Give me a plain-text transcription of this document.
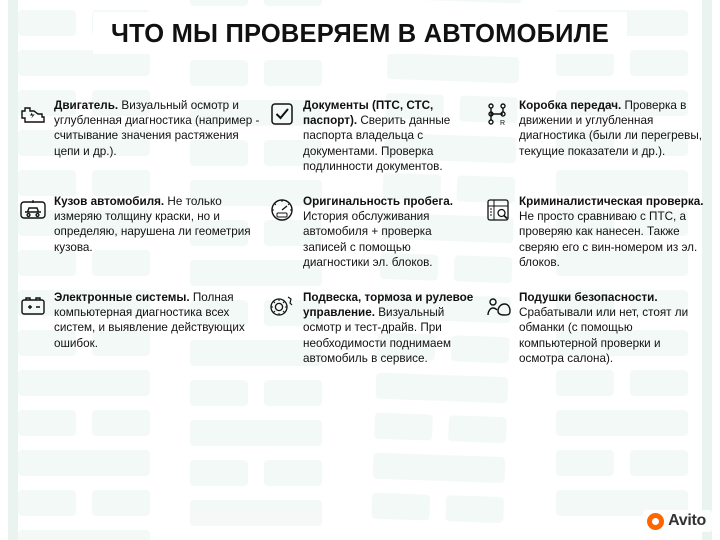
ЧТО МЫ ПРОВЕРЯЕМ В АВТОМОБИЛЕ
Двигатель. Визуальный осмотр и углубленная диагностика (например - считывание значения растяжения цепи и др.).
Документы (ПТС, СТС, паспорт). Сверить данные паспорта владельца с документами. Проверка подлинности документов.
R
Коробка передач. Проверка в движении и углубленная диагностика (были ли перегревы, текущие показатели и др.).
Кузов автомобиля. Не только измеряю толщину краски, но и определяю, нарушена ли геометрия кузова.
Оригинальность пробега. История обслуживания автомобиля + проверка записей с помощью диагностики эл. блоков.
Криминалистическая проверка. Не просто сравниваю с ПТС, а проверяю как нанесен. Также сверяю его с вин-номером из эл. блоков.
Электронные системы. Полная компьютерная диагностика всех систем, и выявление действующих ошибок.
Подвеска, тормоза и рулевое управление. Визуальный осмотр и тест-драйв. При необходимости поднимаем автомобиль в сервисе.
Подушки безопасности. Срабатывали или нет, стоят ли обманки (с помощью компьютерной проверки и осмотра салона).
Avito
